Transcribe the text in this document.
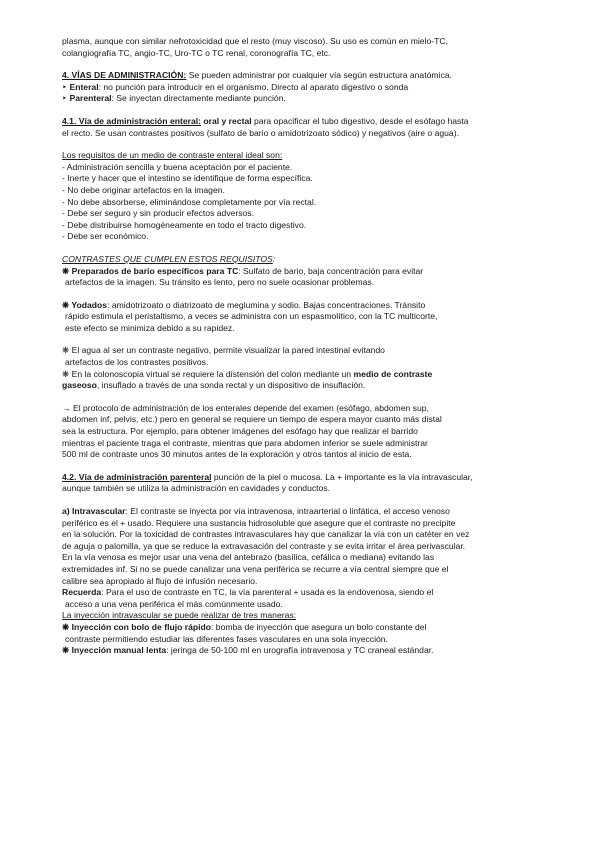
plasma, aunque con similar nefrotoxicidad que el resto (muy viscoso). Su uso es común en mielo-TC,

colangiografía TC, angio-TC, Uro-TC o TC renal, coronografía TC, etc.

4. VÍAS DE ADMINISTRACIÓN: Se pueden administrar por cualquier vía según estructura anatómica.

‣ Enteral: no punción para introducir en el organismo. Directo al aparato digestivo o sonda

‣ Parenteral: Se inyectan directamente mediante punción.

4.1. Vía de administración enteral: oral y rectal para opacificar el tubo digestivo, desde el esófago hasta

el recto. Se usan contrastes positivos (sulfato de bario o amidotrizoato sódico) y negativos (aire o agua).

Los requisitos de un medio de contraste enteral ideal son:

- Administración sencilla y buena aceptación por el paciente.

- Inerte y hacer que el intestino se identifique de forma específica.

- No debe originar artefactos en la imagen.

- No debe absorberse, eliminándose completamente por vía rectal.

- Debe ser seguro y sin producir efectos adversos.

- Debe distribuirse homogéneamente en todo el tracto digestivo.

- Debe ser económico.

CONTRASTES QUE CUMPLEN ESTOS REQUISITOS:

❋ Preparados de bario específicos para TC: Sulfato de bario, baja concentración para evitar

artefactos de la imagen. Su tránsito es lento, pero no suele ocasionar problemas.

❋ Yodados: amidotrizoato o diatrizoato de meglumina y sodio. Bajas concentraciones. Tránsito

rápido estimula el peristaltismo, a veces se administra con un espasmolítico, con la TC multicorte,

este efecto se minimiza debido a su rapidez.

❋ El agua al ser un contraste negativo, permite visualizar la pared intestinal evitando

artefactos de los contrastes positivos.

❋ En la colonoscopia virtual se requiere la distensión del colon mediante un medio de contraste

gaseoso, insuflado a través de una sonda rectal y un dispositivo de insuflación.

→ El protocolo de administración de los enterales depende del examen (esófago, abdomen sup,

abdomen inf, pelvis, etc.) pero en general se requiere un tiempo de espera mayor cuanto más distal

sea la estructura. Por ejemplo, para obtener imágenes del esófago hay que realizar el barrido

mientras el paciente traga el contraste, mientras que para abdomen inferior se suele administrar

500 ml de contraste unos 30 minutos antes de la exploración y otros tantos al inicio de esta.

4.2. Vía de administración parenteral punción de la piel o mucosa. La + importante es la vía intravascular,

aunque también se utiliza la administración en cavidades y conductos.

a) Intravascular: El contraste se inyecta por vía intravenosa, intraarterial o linfática, el acceso venoso

periférico es el + usado. Requiere una sustancia hidrosoluble que asegure que el contraste no precipite

en la solución. Por la toxicidad de contrastes intravasculares hay que canalizar la vía con un catéter en vez

de aguja o palomilla, ya que se reduce la extravasación del contraste y se evita irritar el área perivascular.

En la vía venosa es mejor usar una vena del antebrazo (basílica, cefálica o mediana) evitando las

extremidades inf. Si no se puede canalizar una vena periférica se recurre a vía central siempre que el

calibre sea apropiado al flujo de infusión necesario.

Recuerda: Para el uso de contraste en TC, la vía parenteral + usada es la endovenosa, siendo el

acceso a una vena periférica el más comúnmente usado.

La inyección intravascular se puede realizar de tres maneras:

❋ Inyección con bolo de flujo rápido: bomba de inyección que asegura un bolo constante del

contraste permitiendo estudiar las diferentes fases vasculares en una sola inyección.

❋ Inyección manual lenta: jeringa de 50-100 ml en urografía intravenosa y TC craneal estándar.
